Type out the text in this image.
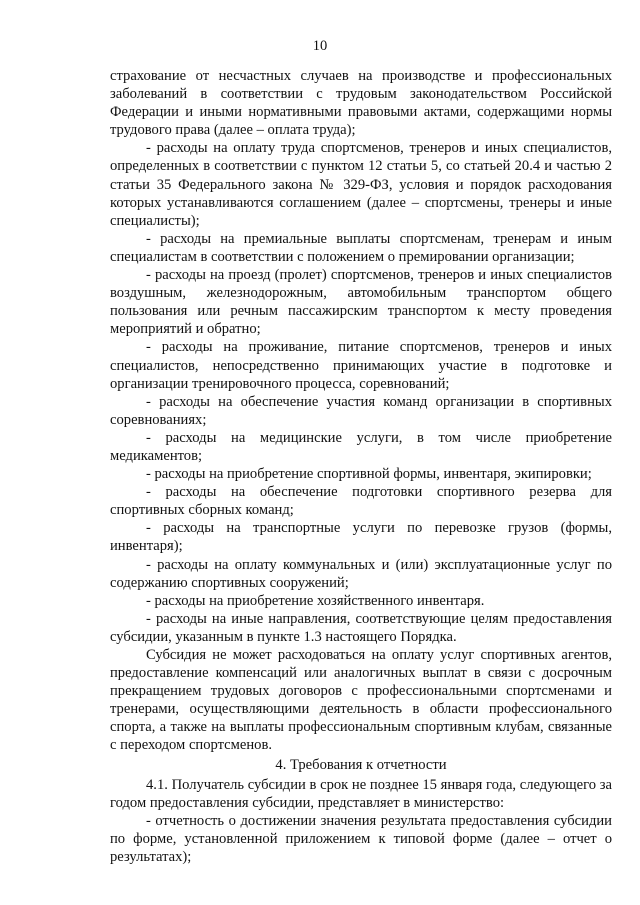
10

страхование от несчастных случаев на производстве и профессиональных заболеваний в соответствии с трудовым законодательством Российской Федерации и иными нормативными правовыми актами, содержащими нормы трудового права (далее – оплата труда);

- расходы на оплату труда спортсменов, тренеров и иных специалистов, определенных в соответствии с пунктом 12 статьи 5, со статьей 20.4 и частью 2 статьи 35 Федерального закона № 329-ФЗ, условия и порядок расходования которых устанавливаются соглашением (далее – спортсмены, тренеры и иные специалисты);

- расходы на премиальные выплаты спортсменам, тренерам и иным специалистам в соответствии с положением о премировании организации;

- расходы на проезд (пролет) спортсменов, тренеров и иных специалистов воздушным, железнодорожным, автомобильным транспортом общего пользования или речным пассажирским транспортом к месту проведения мероприятий и обратно;

- расходы на проживание, питание спортсменов, тренеров и иных специалистов, непосредственно принимающих участие в подготовке и организации тренировочного процесса, соревнований;

- расходы на обеспечение участия команд организации в спортивных соревнованиях;

- расходы на медицинские услуги, в том числе приобретение медикаментов;

- расходы на приобретение спортивной формы, инвентаря, экипировки;

- расходы на обеспечение подготовки спортивного резерва для спортивных сборных команд;

- расходы на транспортные услуги по перевозке грузов (формы, инвентаря);

- расходы на оплату коммунальных и (или) эксплуатационные услуг по содержанию спортивных сооружений;

- расходы на приобретение хозяйственного инвентаря.

- расходы на иные направления, соответствующие целям предоставления субсидии, указанным в пункте 1.3 настоящего Порядка.

Субсидия не может расходоваться на оплату услуг спортивных агентов, предоставление компенсаций или аналогичных выплат в связи с досрочным прекращением трудовых договоров с профессиональными спортсменами и тренерами, осуществляющими деятельность в области профессионального спорта, а также на выплаты профессиональным спортивным клубам, связанные с переходом спортсменов.

4. Требования к отчетности

4.1. Получатель субсидии в срок не позднее 15 января года, следующего за годом предоставления субсидии, представляет в министерство:

- отчетность о достижении значения результата предоставления субсидии по форме, установленной приложением к типовой форме (далее – отчет о результатах);
